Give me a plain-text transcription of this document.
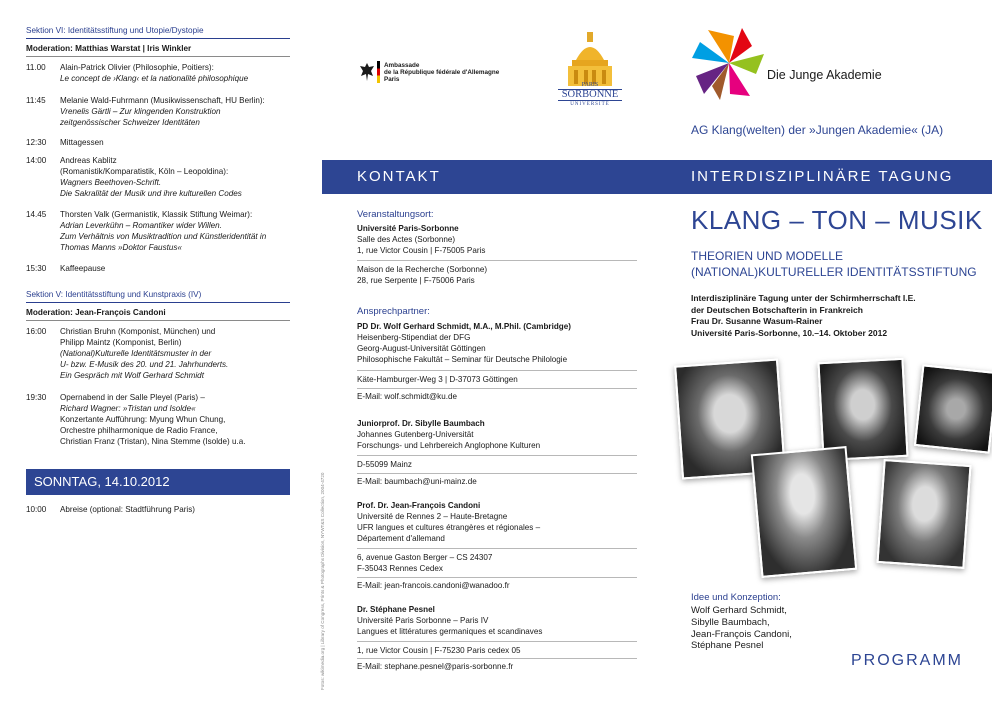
Sektion VI: Identitätsstiftung und Utopie/Dystopie
Moderation: Matthias Warstat | Iris Winkler
11.00	Alain-Patrick Olivier (Philosophie, Poitiers):
Le concept de ›Klang‹ et la nationalité philosophique
11:45	Melanie Wald-Fuhrmann (Musikwissenschaft, HU Berlin):
Vrenelis Gärtli – Zur klingenden Konstruktion
zeitgenössischer Schweizer Identitäten
12:30	Mittagessen
14:00	Andreas Kablitz
(Romanistik/Komparatistik, Köln – Leopoldina):
Wagners Beethoven-Schrift.
Die Sakralität der Musik und ihre kulturellen Codes
14.45	Thorsten Valk (Germanistik, Klassik Stiftung Weimar):
Adrian Leverkühn – Romantiker wider Willen.
Zum Verhältnis von Musiktradition und Künstleridentität in
Thomas Manns »Doktor Faustus«
15:30	Kaffeepause
Sektion V: Identitätsstiftung und Kunstpraxis (IV)
Moderation: Jean-François Candoni
16:00	Christian Bruhn (Komponist, München) und
Philipp Maintz (Komponist, Berlin)
(National)Kulturelle Identitätsmuster in der
U- bzw. E-Musik des 20. und 21. Jahrhunderts.
Ein Gespräch mit Wolf Gerhard Schmidt
19:30	Opernabend in der Salle Pleyel (Paris) –
Richard Wagner: »Tristan und Isolde«
Konzertante Aufführung: Myung Whun Chung,
Orchestre philharmonique de Radio France,
Christian Franz (Tristan), Nina Stemme (Isolde) u.a.
SONNTAG, 14.10.2012
10:00	Abreise (optional: Stadtführung Paris)
Ambassade
de la République fédérale d'Allemagne
Paris
PARIS
SORBONNE
UNIVERSITÉ
KONTAKT
Veranstaltungsort:
Université Paris-Sorbonne
Salle des Actes (Sorbonne)
1, rue Victor Cousin | F-75005 Paris
Maison de la Recherche (Sorbonne)
28, rue Serpente | F-75006 Paris
Ansprechpartner:
PD Dr. Wolf Gerhard Schmidt, M.A., M.Phil. (Cambridge)
Heisenberg-Stipendiat der DFG
Georg-August-Universität Göttingen
Philosophische Fakultät – Seminar für Deutsche Philologie
Käte-Hamburger-Weg 3 | D-37073 Göttingen
E-Mail: wolf.schmidt@ku.de
Juniorprof. Dr. Sibylle Baumbach
Johannes Gutenberg-Universität
Forschungs- und Lehrbereich Anglophone Kulturen
D-55099 Mainz
E-Mail: baumbach@uni-mainz.de
Prof. Dr. Jean-François Candoni
Université de Rennes 2 – Haute-Bretagne
UFR langues et cultures étrangères et régionales –
Département d'allemand
6, avenue Gaston Berger – CS 24307
F-35043 Rennes Cedex
E-Mail: jean-francois.candoni@wanadoo.fr
Dr. Stéphane Pesnel
Université Paris Sorbonne – Paris IV
Langues et littératures germaniques et scandinaves
1, rue Victor Cousin | F-75230 Paris cedex 05
E-Mail: stephane.pesnel@paris-sorbonne.fr
Fotos: wikimedia.org | Library of Congress, Prints & Photographs Division, NYWT&S Collection, 2004-4720
Die Junge Akademie
AG Klang(welten) der »Jungen Akademie« (JA)
INTERDISZIPLINÄRE TAGUNG
KLANG – TON – MUSIK
THEORIEN UND MODELLE
(NATIONAL)KULTURELLER IDENTITÄTSSTIFTUNG
Interdisziplinäre Tagung unter der Schirmherrschaft I.E.
der Deutschen Botschafterin in Frankreich
Frau Dr. Susanne Wasum-Rainer
Université Paris-Sorbonne, 10.–14. Oktober 2012
Idee und Konzeption:
Wolf Gerhard Schmidt,
Sibylle Baumbach,
Jean-François Candoni,
Stéphane Pesnel
PROGRAMM
